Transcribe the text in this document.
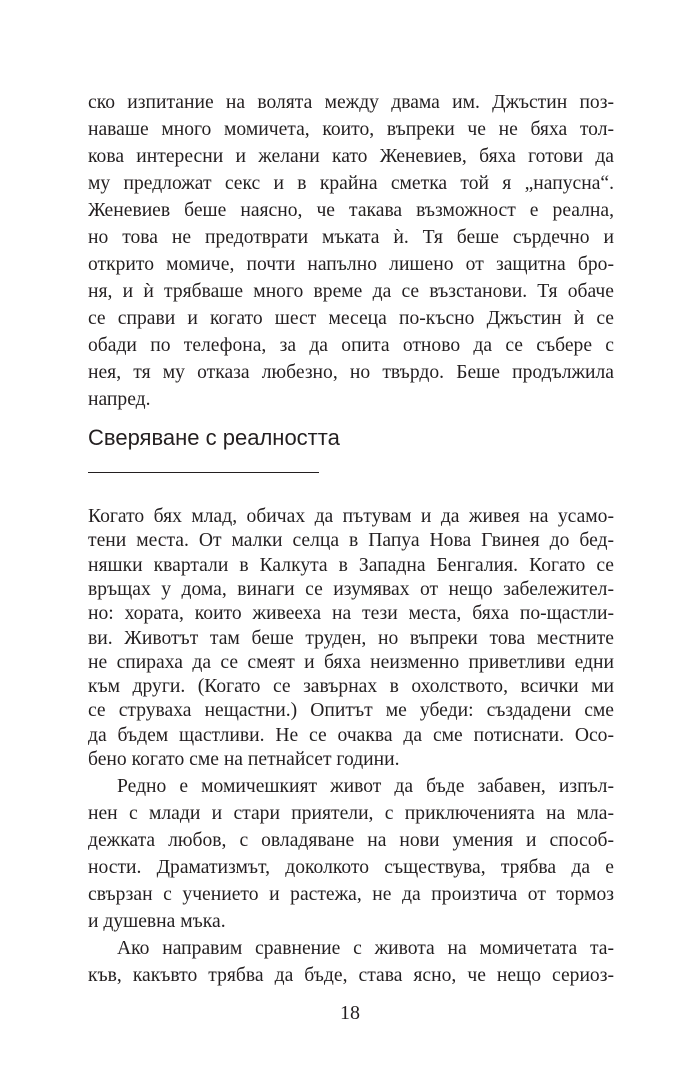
ско изпитание на волята между двама им. Джъстин поз-
наваше много момичета, които, въпреки че не бяха тол-
кова интересни и желани като Женевиев, бяха готови да
му предложат секс и в крайна сметка той я „напусна“.
Женевиев беше наясно, че такава възможност е реална,
но това не предотврати мъката ѝ. Тя беше сърдечно и
открито момиче, почти напълно лишено от защитна бро-
ня, и ѝ трябваше много време да се възстанови. Тя обаче
се справи и когато шест месеца по-късно Джъстин ѝ се
обади по телефона, за да опита отново да се събере с
нея, тя му отказа любезно, но твърдо. Беше продължила
напред.
Сверяване с реалността
Когато бях млад, обичах да пътувам и да живея на усамо-
тени места. От малки селца в Папуа Нова Гвинея до бед-
няшки квартали в Калкута в Западна Бенгалия. Когато се
връщах у дома, винаги се изумявах от нещо забележител-
но: хората, които живееха на тези места, бяха по-щастли-
ви. Животът там беше труден, но въпреки това местните
не спираха да се смеят и бяха неизменно приветливи едни
към други. (Когато се завърнах в охолството, всички ми
се струваха нещастни.) Опитът ме убеди: създадени сме
да бъдем щастливи. Не се очаква да сме потиснати. Осо-
бено когато сме на петнайсет години.
Редно е момичешкият живот да бъде забавен, изпъл-
нен с млади и стари приятели, с приключенията на мла-
дежката любов, с овладяване на нови умения и способ-
ности. Драматизмът, доколкото съществува, трябва да е
свързан с учението и растежа, не да произтича от тормоз
и душевна мъка.
Ако направим сравнение с живота на момичетата та-
къв, какъвто трябва да бъде, става ясно, че нещо сериоз-
18
